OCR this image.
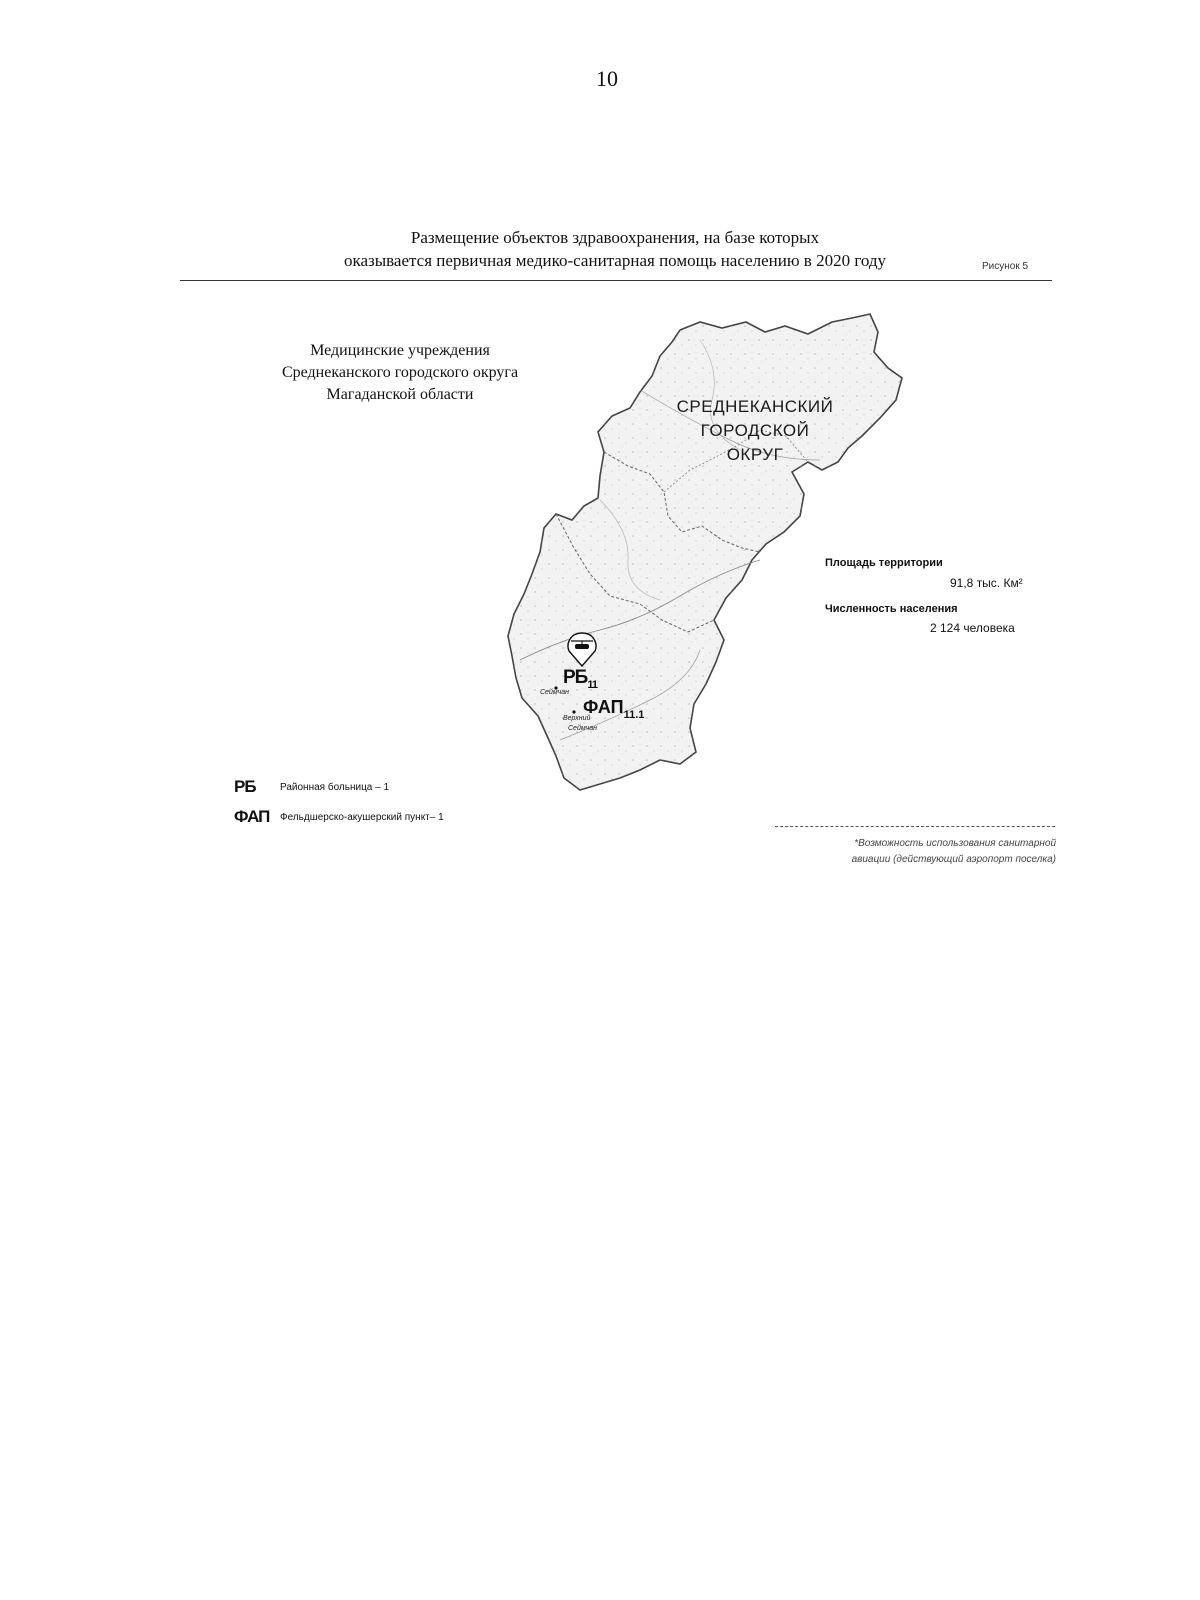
10
Размещение объектов здравоохранения, на базе которых
оказывается первичная медико-санитарная помощь населению в 2020 году	Рисунок 5
Медицинские учреждения
Среднеканского городского округа
Магаданской области
СРЕДНЕКАНСКИЙ
ГОРОДСКОЙ
ОКРУГ
$РБ_{11}$
Сеймчан
$ФАП_{11.1}$
Верхний
Сеймчан
Площадь территории
91,8 тыс. Км²
Численность населения
2 124 человека
РБ	Районная больница – 1
ФАП Фельдшерско-акушерский пункт– 1
*Возможность использования санитарной
авиации (действующий аэропорт поселка)
